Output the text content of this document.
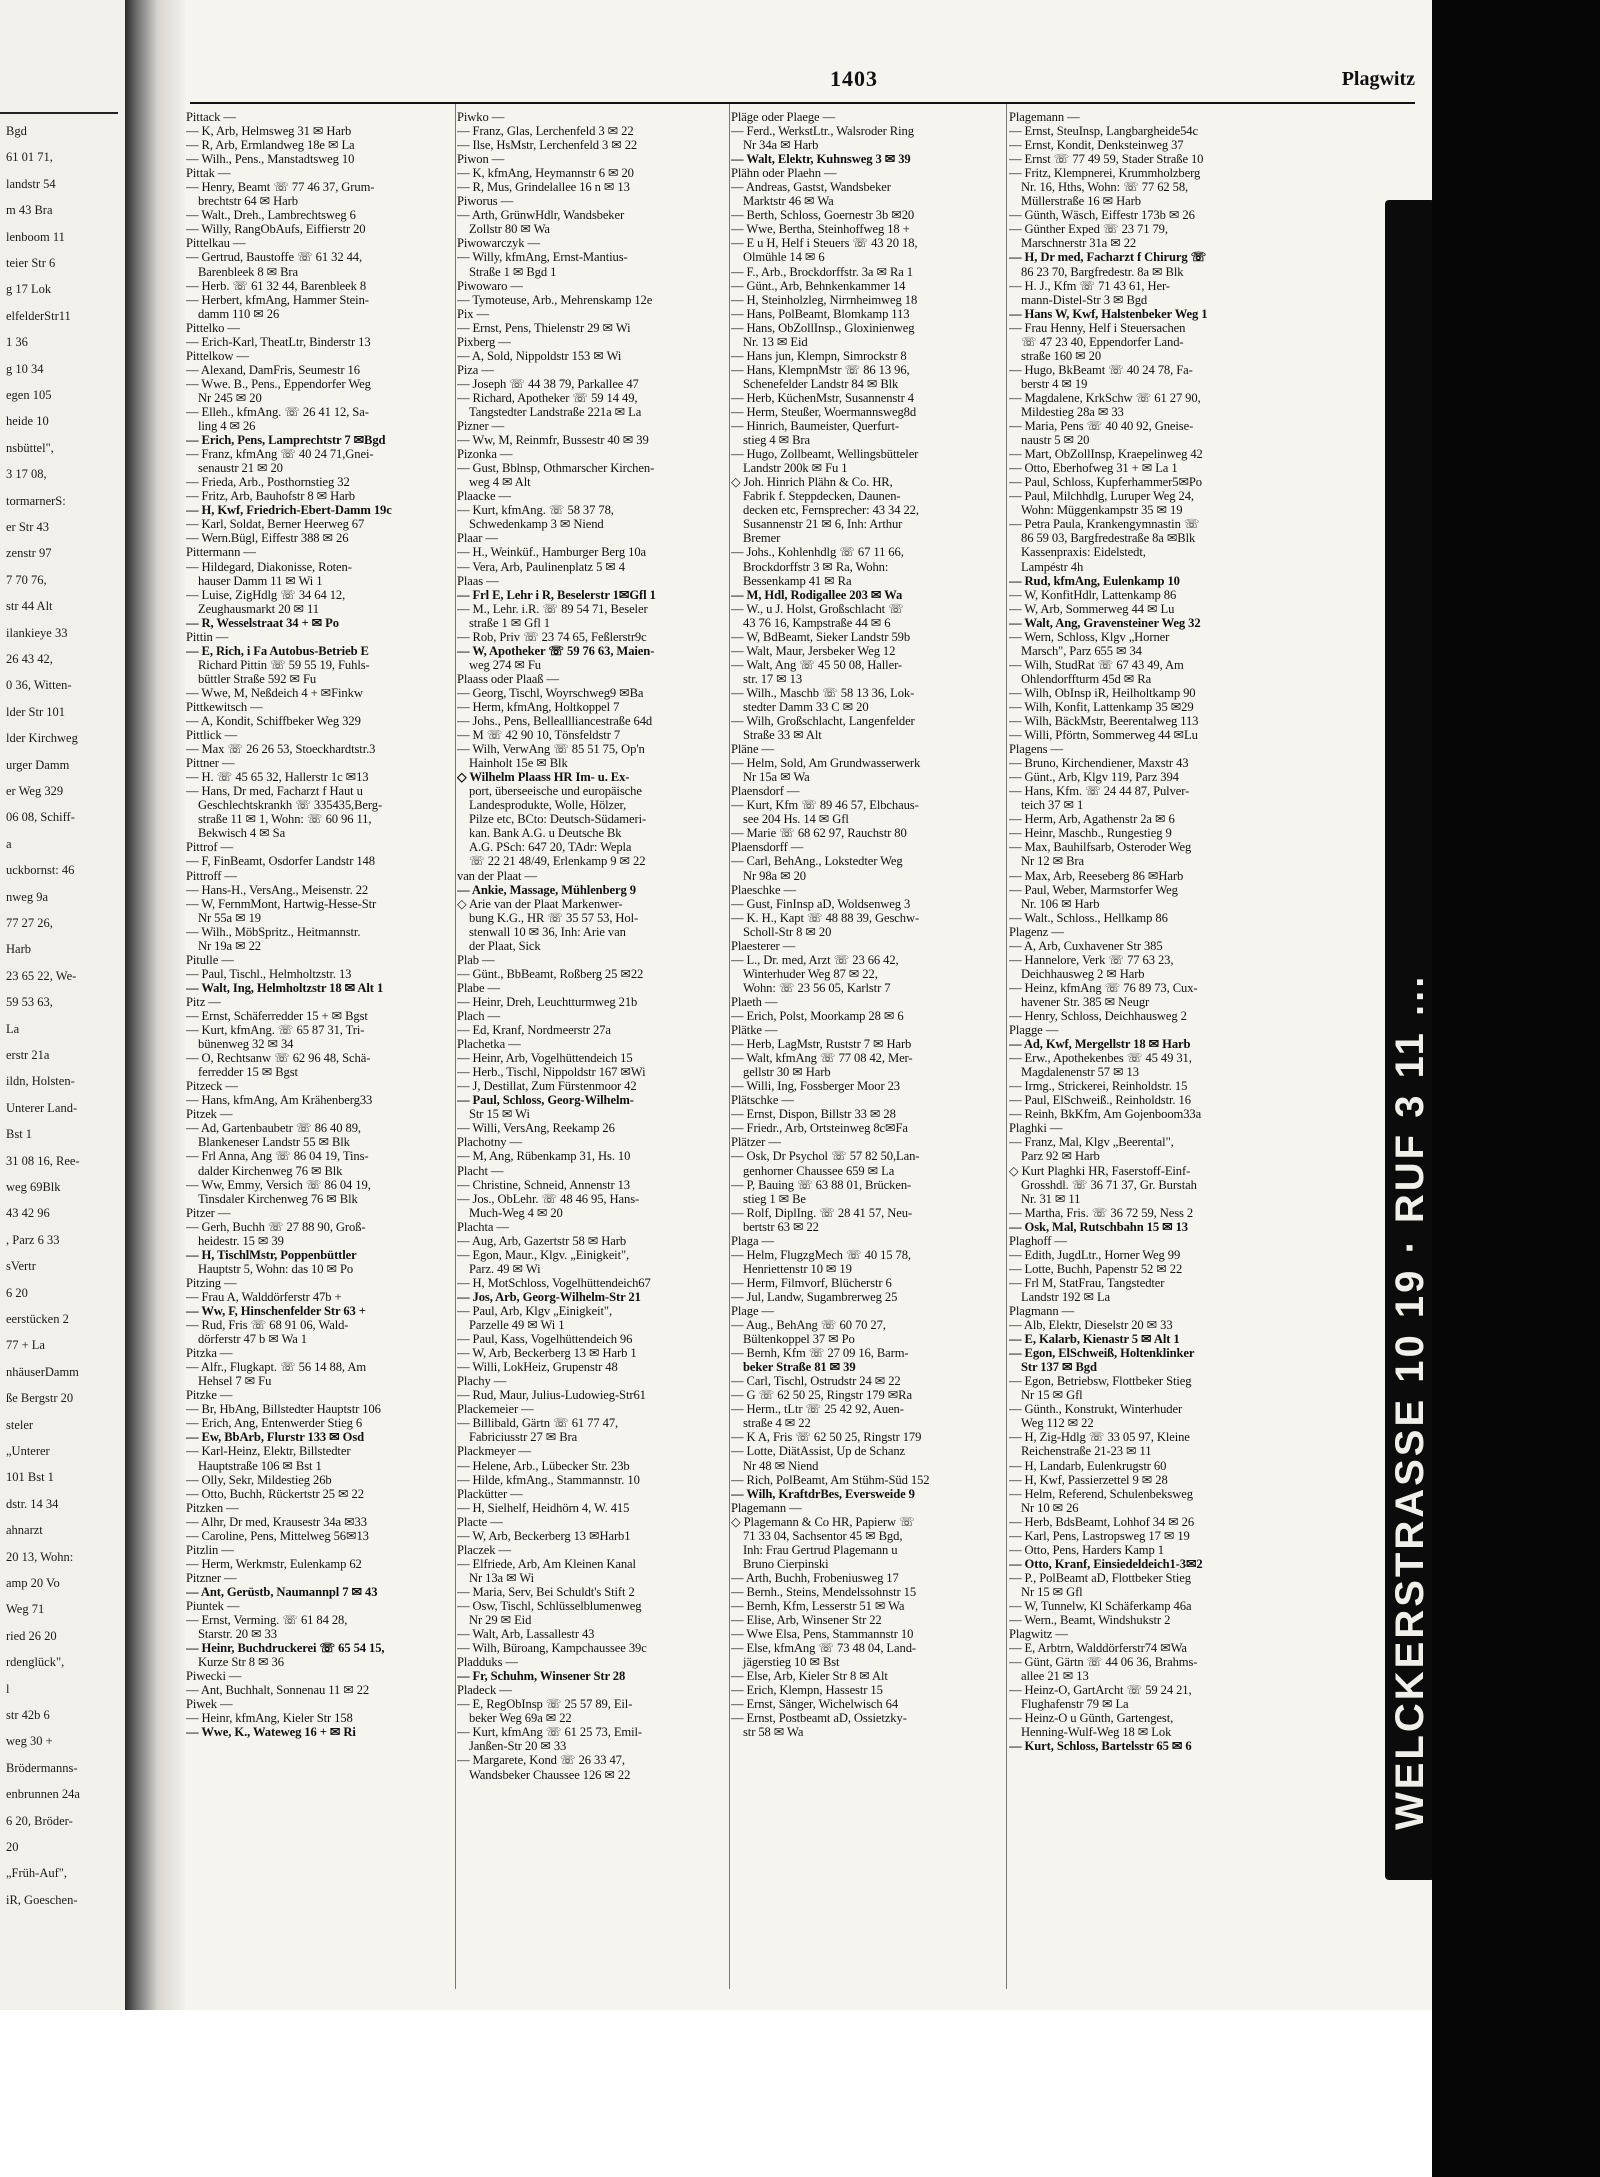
Bgd
61 01 71,
landstr 54
m 43 Bra
lenboom 11
teier Str 6
g 17 Lok
elfelderStr11
1 36
g 10 34
egen 105
heide 10
nsbüttel",
3 17 08,
tormarnerS:
er Str 43
zenstr 97
7 70 76,
str 44 Alt
ilankieye 33
26 43 42,
0 36, Witten-
lder Str 101
lder Kirchweg
urger Damm
er Weg 329
06 08, Schiff-
a
uckbornst: 46
nweg 9a
77 27 26,
Harb
23 65 22, We-
59 53 63,
La
erstr 21a
ildn, Holsten-
Unterer Land-
Bst 1
31 08 16, Ree-
weg 69Blk
43 42 96
, Parz 6 33
sVertr
6 20
eerstücken 2
77 + La
nhäuserDamm
ße Bergstr 20
steler
„Unterer
101 Bst 1
dstr. 14 34
ahnarzt
20 13, Wohn:
amp 20 Vo
Weg 71
ried 26 20
rdenglück",
l
str 42b 6
weg 30 +
Brödermanns-
enbrunnen 24a
6 20, Bröder-
20
„Früh-Auf",
iR, Goeschen-
1403	Plagwitz
Pittack —
— K, Arb, Helmsweg 31 ✉ Harb
— R, Arb, Ermlandweg 18e ✉ La
— Wilh., Pens., Manstadtsweg 10
Pittak —
— Henry, Beamt ☏ 77 46 37, Grum-
brechtstr 64 ✉ Harb
— Walt., Dreh., Lambrechtsweg 6
— Willy, RangObAufs, Eiffierstr 20
Pittelkau —
— Gertrud, Baustoffe ☏ 61 32 44,
Barenbleek 8 ✉ Bra
— Herb. ☏ 61 32 44, Barenbleek 8
— Herbert, kfmAng, Hammer Stein-
damm 110 ✉ 26
Pittelko —
— Erich-Karl, TheatLtr, Binderstr 13
Pittelkow —
— Alexand, DamFris, Seumestr 16
— Wwe. B., Pens., Eppendorfer Weg
Nr 245 ✉ 20
— Elleh., kfmAng. ☏ 26 41 12, Sa-
ling 4 ✉ 26
— Erich, Pens, Lamprechtstr 7 ✉Bgd
— Franz, kfmAng ☏ 40 24 71,Gnei-
senaustr 21 ✉ 20
— Frieda, Arb., Posthornstieg 32
— Fritz, Arb, Bauhofstr 8 ✉ Harb
— H, Kwf, Friedrich-Ebert-Damm 19c
— Karl, Soldat, Berner Heerweg 67
— Wern.Bügl, Eiffestr 388 ✉ 26
Pittermann —
— Hildegard, Diakonisse, Roten-
hauser Damm 11 ✉ Wi 1
— Luise, ZigHdlg ☏ 34 64 12,
Zeughausmarkt 20 ✉ 11
— R, Wesselstraat 34 + ✉ Po
Pittin —
— E, Rich, i Fa Autobus-Betrieb E
Richard Pittin ☏ 59 55 19, Fuhls-
büttler Straße 592 ✉ Fu
— Wwe, M, Neßdeich 4 + ✉Finkw
Pittkewitsch —
— A, Kondit, Schiffbeker Weg 329
Pittlick —
— Max ☏ 26 26 53, Stoeckhardtstr.3
Pittner —
— H. ☏ 45 65 32, Hallerstr 1c ✉13
— Hans, Dr med, Facharzt f Haut u
Geschlechtskrankh ☏ 335435,Berg-
straße 11 ✉ 1, Wohn: ☏ 60 96 11,
Bekwisch 4 ✉ Sa
Pittrof —
— F, FinBeamt, Osdorfer Landstr 148
Pittroff —
— Hans-H., VersAng., Meisenstr. 22
— W, FernmMont, Hartwig-Hesse-Str
Nr 55a ✉ 19
— Wilh., MöbSpritz., Heitmannstr.
Nr 19a ✉ 22
Pitulle —
— Paul, Tischl., Helmholtzstr. 13
— Walt, Ing, Helmholtzstr 18 ✉ Alt 1
Pitz —
— Ernst, Schäferredder 15 + ✉ Bgst
— Kurt, kfmAng. ☏ 65 87 31, Tri-
bünenweg 32 ✉ 34
— O, Rechtsanw ☏ 62 96 48, Schä-
ferredder 15 ✉ Bgst
Pitzeck —
— Hans, kfmAng, Am Krähenberg33
Pitzek —
— Ad, Gartenbaubetr ☏ 86 40 89,
Blankeneser Landstr 55 ✉ Blk
— Frl Anna, Ang ☏ 86 04 19, Tins-
dalder Kirchenweg 76 ✉ Blk
— Ww, Emmy, Versich ☏ 86 04 19,
Tinsdaler Kirchenweg 76 ✉ Blk
Pitzer —
— Gerh, Buchh ☏ 27 88 90, Groß-
heidestr. 15 ✉ 39
— H, TischlMstr, Poppenbüttler
Hauptstr 5, Wohn: das 10 ✉ Po
Pitzing —
— Frau A, Walddörferstr 47b +
— Ww, F, Hinschenfelder Str 63 +
— Rud, Fris ☏ 68 91 06, Wald-
dörferstr 47 b ✉ Wa 1
Pitzka —
— Alfr., Flugkapt. ☏ 56 14 88, Am
Hehsel 7 ✉ Fu
Pitzke —
— Br, HbAng, Billstedter Hauptstr 106
— Erich, Ang, Entenwerder Stieg 6
— Ew, BbArb, Flurstr 133 ✉ Osd
— Karl-Heinz, Elektr, Billstedter
Hauptstraße 106 ✉ Bst 1
— Olly, Sekr, Mildestieg 26b
— Otto, Buchh, Rückertstr 25 ✉ 22
Pitzken —
— Alhr, Dr med, Krausestr 34a ✉33
— Caroline, Pens, Mittelweg 56✉13
Pitzlin —
— Herm, Werkmstr, Eulenkamp 62
Pitzner —
— Ant, Gerüstb, Naumannpl 7 ✉ 43
Piuntek —
— Ernst, Verming. ☏ 61 84 28,
Starstr. 20 ✉ 33
— Heinr, Buchdruckerei ☏ 65 54 15,
Kurze Str 8 ✉ 36
Piwecki —
— Ant, Buchhalt, Sonnenau 11 ✉ 22
Piwek —
— Heinr, kfmAng, Kieler Str 158
— Wwe, K., Wateweg 16 + ✉ Ri
Piwko —
— Franz, Glas, Lerchenfeld 3 ✉ 22
— Ilse, HsMstr, Lerchenfeld 3 ✉ 22
Piwon —
— K, kfmAng, Heymannstr 6 ✉ 20
— R, Mus, Grindelallee 16 n ✉ 13
Piworus —
— Arth, GrünwHdlr, Wandsbeker
Zollstr 80 ✉ Wa
Piwowarczyk —
— Willy, kfmAng, Ernst-Mantius-
Straße 1 ✉ Bgd 1
Piwowaro —
— Tymoteuse, Arb., Mehrenskamp 12e
Pix —
— Ernst, Pens, Thielenstr 29 ✉ Wi
Pixberg —
— A, Sold, Nippoldstr 153 ✉ Wi
Piza —
— Joseph ☏ 44 38 79, Parkallee 47
— Richard, Apotheker ☏ 59 14 49,
Tangstedter Landstraße 221a ✉ La
Pizner —
— Ww, M, Reinmfr, Bussestr 40 ✉ 39
Pizonka —
— Gust, Bblnsp, Othmarscher Kirchen-
weg 4 ✉ Alt
Plaacke —
— Kurt, kfmAng. ☏ 58 37 78,
Schwedenkamp 3 ✉ Niend
Plaar —
— H., Weinküf., Hamburger Berg 10a
— Vera, Arb, Paulinenplatz 5 ✉ 4
Plaas —
— Frl E, Lehr i R, Beselerstr 1✉Gfl 1
— M., Lehr. i.R. ☏ 89 54 71, Beseler
straße 1 ✉ Gfl 1
— Rob, Priv ☏ 23 74 65, Feßlerstr9c
— W, Apotheker ☏ 59 76 63, Maien-
weg 274 ✉ Fu
Plaass oder Plaaß —
— Georg, Tischl, Woyrschweg9 ✉Ba
— Herm, kfmAng, Holtkoppel 7
— Johs., Pens, Belleallliancestraße 64d
— M ☏ 42 90 10, Tönsfeldstr 7
— Wilh, VerwAng ☏ 85 51 75, Op'n
Hainholt 15e ✉ Blk
◇ Wilhelm Plaass HR Im- u. Ex-
port, überseeische und europäische
Landesprodukte, Wolle, Hölzer,
Pilze etc, BCto: Deutsch-Südameri-
kan. Bank A.G. u Deutsche Bk
A.G. PSch: 647 20, TAdr: Wepla
☏ 22 21 48/49, Erlenkamp 9 ✉ 22
van der Plaat —
— Ankie, Massage, Mühlenberg 9
◇ Arie van der Plaat Markenwer-
bung K.G., HR ☏ 35 57 53, Hol-
stenwall 10 ✉ 36, Inh: Arie van
der Plaat, Sick
Plab —
— Günt., BbBeamt, Roßberg 25 ✉22
Plabe —
— Heinr, Dreh, Leuchtturmweg 21b
Plach —
— Ed, Kranf, Nordmeerstr 27a
Plachetka —
— Heinr, Arb, Vogelhüttendeich 15
— Herb., Tischl, Nippoldstr 167 ✉Wi
— J, Destillat, Zum Fürstenmoor 42
— Paul, Schloss, Georg-Wilhelm-
Str 15 ✉ Wi
— Willi, VersAng, Reekamp 26
Plachotny —
— M, Ang, Rübenkamp 31, Hs. 10
Placht —
— Christine, Schneid, Annenstr 13
— Jos., ObLehr. ☏ 48 46 95, Hans-
Much-Weg 4 ✉ 20
Plachta —
— Aug, Arb, Gazertstr 58 ✉ Harb
— Egon, Maur., Klgv. „Einigkeit",
Parz. 49 ✉ Wi
— H, MotSchloss, Vogelhüttendeich67
— Jos, Arb, Georg-Wilhelm-Str 21
— Paul, Arb, Klgv „Einigkeit",
Parzelle 49 ✉ Wi 1
— Paul, Kass, Vogelhüttendeich 96
— W, Arb, Beckerberg 13 ✉ Harb 1
— Willi, LokHeiz, Grupenstr 48
Plachy —
— Rud, Maur, Julius-Ludowieg-Str61
Plackemeier —
— Billibald, Gärtn ☏ 61 77 47,
Fabriciusstr 27 ✉ Bra
Plackmeyer —
— Helene, Arb., Lübecker Str. 23b
— Hilde, kfmAng., Stammannstr. 10
Plackütter —
— H, Sielhelf, Heidhörn 4, W. 415
Placte —
— W, Arb, Beckerberg 13 ✉Harb1
Placzek —
— Elfriede, Arb, Am Kleinen Kanal
Nr 13a ✉ Wi
— Maria, Serv, Bei Schuldt's Stift 2
— Osw, Tischl, Schlüsselblumenweg
Nr 29 ✉ Eid
— Walt, Arb, Lassallestr 43
— Wilh, Büroang, Kampchaussee 39c
Pladduks —
— Fr, Schuhm, Winsener Str 28
Pladeck —
— E, RegObInsp ☏ 25 57 89, Eil-
beker Weg 69a ✉ 22
— Kurt, kfmAng ☏ 61 25 73, Emil-
Janßen-Str 20 ✉ 33
— Margarete, Kond ☏ 26 33 47,
Wandsbeker Chaussee 126 ✉ 22
Pläge oder Plaege —
— Ferd., WerkstLtr., Walsroder Ring
Nr 34a ✉ Harb
— Walt, Elektr, Kuhnsweg 3 ✉ 39
Plähn oder Plaehn —
— Andreas, Gastst, Wandsbeker
Marktstr 46 ✉ Wa
— Berth, Schloss, Goernestr 3b ✉20
— Wwe, Bertha, Steinhoffweg 18 +
— E u H, Helf i Steuers ☏ 43 20 18,
Olmühle 14 ✉ 6
— F., Arb., Brockdorffstr. 3a ✉ Ra 1
— Günt., Arb, Behnkenkammer 14
— H, Steinholzleg, Nirrnheimweg 18
— Hans, PolBeamt, Blomkamp 113
— Hans, ObZollInsp., Gloxinienweg
Nr. 13 ✉ Eid
— Hans jun, Klempn, Simrockstr 8
— Hans, KlempnMstr ☏ 86 13 96,
Schenefelder Landstr 84 ✉ Blk
— Herb, KüchenMstr, Susannenstr 4
— Herm, Steußer, Woermannsweg8d
— Hinrich, Baumeister, Querfurt-
stieg 4 ✉ Bra
— Hugo, Zollbeamt, Wellingsbütteler
Landstr 200k ✉ Fu 1
◇ Joh. Hinrich Plähn & Co. HR,
Fabrik f. Steppdecken, Daunen-
decken etc, Fernsprecher: 43 34 22,
Susannenstr 21 ✉ 6, Inh: Arthur
Bremer
— Johs., Kohlenhdlg ☏ 67 11 66,
Brockdorffstr 3 ✉ Ra, Wohn:
Bessenkamp 41 ✉ Ra
— M, Hdl, Rodigallee 203 ✉ Wa
— W., u J. Holst, Großschlacht ☏
43 76 16, Kampstraße 44 ✉ 6
— W, BdBeamt, Sieker Landstr 59b
— Walt, Maur, Jersbeker Weg 12
— Walt, Ang ☏ 45 50 08, Haller-
str. 17 ✉ 13
— Wilh., Maschb ☏ 58 13 36, Lok-
stedter Damm 33 C ✉ 20
— Wilh, Großschlacht, Langenfelder
Straße 33 ✉ Alt
Pläne —
— Helm, Sold, Am Grundwasserwerk
Nr 15a ✉ Wa
Plaensdorf —
— Kurt, Kfm ☏ 89 46 57, Elbchaus-
see 204 Hs. 14 ✉ Gfl
— Marie ☏ 68 62 97, Rauchstr 80
Plaensdorff —
— Carl, BehAng., Lokstedter Weg
Nr 98a ✉ 20
Plaeschke —
— Gust, FinInsp aD, Woldsenweg 3
— K. H., Kapt ☏ 48 88 39, Geschw-
Scholl-Str 8 ✉ 20
Plaesterer —
— L., Dr. med, Arzt ☏ 23 66 42,
Winterhuder Weg 87 ✉ 22,
Wohn: ☏ 23 56 05, Karlstr 7
Plaeth —
— Erich, Polst, Moorkamp 28 ✉ 6
Plätke —
— Herb, LagMstr, Ruststr 7 ✉ Harb
— Walt, kfmAng ☏ 77 08 42, Mer-
gellstr 30 ✉ Harb
— Willi, Ing, Fossberger Moor 23
Plätschke —
— Ernst, Dispon, Billstr 33 ✉ 28
— Friedr., Arb, Ortsteinweg 8c✉Fa
Plätzer —
— Osk, Dr Psychol ☏ 57 82 50,Lan-
genhorner Chaussee 659 ✉ La
— P, Bauing ☏ 63 88 01, Brücken-
stieg 1 ✉ Be
— Rolf, DiplIng. ☏ 28 41 57, Neu-
bertstr 63 ✉ 22
Plaga —
— Helm, FlugzgMech ☏ 40 15 78,
Henriettenstr 10 ✉ 19
— Herm, Filmvorf, Blücherstr 6
— Jul, Landw, Sugambrerweg 25
Plage —
— Aug., BehAng ☏ 60 70 27,
Bültenkoppel 37 ✉ Po
— Bernh, Kfm ☏ 27 09 16, Barm-
beker Straße 81 ✉ 39
— Carl, Tischl, Ostrudstr 24 ✉ 22
— G ☏ 62 50 25, Ringstr 179 ✉Ra
— Herm., tLtr ☏ 25 42 92, Auen-
straße 4 ✉ 22
— K A, Fris ☏ 62 50 25, Ringstr 179
— Lotte, DiätAssist, Up de Schanz
Nr 48 ✉ Niend
— Rich, PolBeamt, Am Stühm-Süd 152
— Wilh, KraftdrBes, Eversweide 9
Plagemann —
◇ Plagemann & Co HR, Papierw ☏
71 33 04, Sachsentor 45 ✉ Bgd,
Inh: Frau Gertrud Plagemann u
Bruno Cierpinski
— Arth, Buchh, Frobeniusweg 17
— Bernh., Steins, Mendelssohnstr 15
— Bernh, Kfm, Lesserstr 51 ✉ Wa
— Elise, Arb, Winsener Str 22
— Wwe Elsa, Pens, Stammannstr 10
— Else, kfmAng ☏ 73 48 04, Land-
jägerstieg 10 ✉ Bst
— Else, Arb, Kieler Str 8 ✉ Alt
— Erich, Klempn, Hassestr 15
— Ernst, Sänger, Wichelwisch 64
— Ernst, Postbeamt aD, Ossietzky-
str 58 ✉ Wa
Plagemann —
— Ernst, SteuInsp, Langbargheide54c
— Ernst, Kondit, Denksteinweg 37
— Ernst ☏ 77 49 59, Stader Straße 10
— Fritz, Klempnerei, Krummholzberg
Nr. 16, Hths, Wohn: ☏ 77 62 58,
Müllerstraße 16 ✉ Harb
— Günth, Wäsch, Eiffestr 173b ✉ 26
— Günther Exped ☏ 23 71 79,
Marschnerstr 31a ✉ 22
— H, Dr med, Facharzt f Chirurg ☏
86 23 70, Bargfredestr. 8a ✉ Blk
— H. J., Kfm ☏ 71 43 61, Her-
mann-Distel-Str 3 ✉ Bgd
— Hans W, Kwf, Halstenbeker Weg 1
— Frau Henny, Helf i Steuersachen
☏ 47 23 40, Eppendorfer Land-
straße 160 ✉ 20
— Hugo, BkBeamt ☏ 40 24 78, Fa-
berstr 4 ✉ 19
— Magdalene, KrkSchw ☏ 61 27 90,
Mildestieg 28a ✉ 33
— Maria, Pens ☏ 40 40 92, Gneise-
naustr 5 ✉ 20
— Mart, ObZollInsp, Kraepelinweg 42
— Otto, Eberhofweg 31 + ✉ La 1
— Paul, Schloss, Kupferhammer5✉Po
— Paul, Milchhdlg, Luruper Weg 24,
Wohn: Müggenkampstr 35 ✉ 19
— Petra Paula, Krankengymnastin ☏
86 59 03, Bargfredestraße 8a ✉Blk
Kassenpraxis: Eidelstedt,
Lampéstr 4h
— Rud, kfmAng, Eulenkamp 10
— W, KonfitHdlr, Lattenkamp 86
— W, Arb, Sommerweg 44 ✉ Lu
— Walt, Ang, Gravensteiner Weg 32
— Wern, Schloss, Klgv „Horner
Marsch", Parz 655 ✉ 34
— Wilh, StudRat ☏ 67 43 49, Am
Ohlendorffturm 45d ✉ Ra
— Wilh, ObInsp iR, Heilholtkamp 90
— Wilh, Konfit, Lattenkamp 35 ✉29
— Wilh, BäckMstr, Beerentalweg 113
— Willi, Pförtn, Sommerweg 44 ✉Lu
Plagens —
— Bruno, Kirchendiener, Maxstr 43
— Günt., Arb, Klgv 119, Parz 394
— Hans, Kfm. ☏ 24 44 87, Pulver-
teich 37 ✉ 1
— Herm, Arb, Agathenstr 2a ✉ 6
— Heinr, Maschb., Rungestieg 9
— Max, Bauhilfsarb, Osteroder Weg
Nr 12 ✉ Bra
— Max, Arb, Reeseberg 86 ✉Harb
— Paul, Weber, Marmstorfer Weg
Nr. 106 ✉ Harb
— Walt., Schloss., Hellkamp 86
Plagenz —
— A, Arb, Cuxhavener Str 385
— Hannelore, Verk ☏ 77 63 23,
Deichhausweg 2 ✉ Harb
— Heinz, kfmAng ☏ 76 89 73, Cux-
havener Str. 385 ✉ Neugr
— Henry, Schloss, Deichhausweg 2
Plagge —
— Ad, Kwf, Mergellstr 18 ✉ Harb
— Erw., Apothekenbes ☏ 45 49 31,
Magdalenenstr 57 ✉ 13
— Irmg., Strickerei, Reinholdstr. 15
— Paul, ElSchweiß., Reinholdstr. 16
— Reinh, BkKfm, Am Gojenboom33a
Plaghki —
— Franz, Mal, Klgv „Beerental",
Parz 92 ✉ Harb
◇ Kurt Plaghki HR, Faserstoff-Einf-
Grosshdl. ☏ 36 71 37, Gr. Burstah
Nr. 31 ✉ 11
— Martha, Fris. ☏ 36 72 59, Ness 2
— Osk, Mal, Rutschbahn 15 ✉ 13
Plaghoff —
— Edith, JugdLtr., Horner Weg 99
— Lotte, Buchh, Papenstr 52 ✉ 22
— Frl M, StatFrau, Tangstedter
Landstr 192 ✉ La
Plagmann —
— Alb, Elektr, Dieselstr 20 ✉ 33
— E, Kalarb, Kienastr 5 ✉ Alt 1
— Egon, ElSchweiß, Holtenklinker
Str 137 ✉ Bgd
— Egon, Betriebsw, Flottbeker Stieg
Nr 15 ✉ Gfl
— Günth., Konstrukt, Winterhuder
Weg 112 ✉ 22
— H, Zig-Hdlg ☏ 33 05 97, Kleine
Reichenstraße 21-23 ✉ 11
— H, Landarb, Eulenkrugstr 60
— H, Kwf, Passierzettel 9 ✉ 28
— Helm, Referend, Schulenbeksweg
Nr 10 ✉ 26
— Herb, BdsBeamt, Lohhof 34 ✉ 26
— Karl, Pens, Lastropsweg 17 ✉ 19
— Otto, Pens, Harders Kamp 1
— Otto, Kranf, Einsiedeldeich1-3✉2
— P., PolBeamt aD, Flottbeker Stieg
Nr 15 ✉ Gfl
— W, Tunnelw, Kl Schäferkamp 46a
— Wern., Beamt, Windshukstr 2
Plagwitz —
— E, Arbtrn, Walddörferstr74 ✉Wa
— Günt, Gärtn ☏ 44 06 36, Brahms-
allee 21 ✉ 13
— Heinz-O, GartArcht ☏ 59 24 21,
Flughafenstr 79 ✉ La
— Heinz-O u Günth, Gartengest,
Henning-Wulf-Weg 18 ✉ Lok
— Kurt, Schloss, Bartelsstr 65 ✉ 6	WELCKERSTRASSE 10 19 · RUF 3 11 ...
